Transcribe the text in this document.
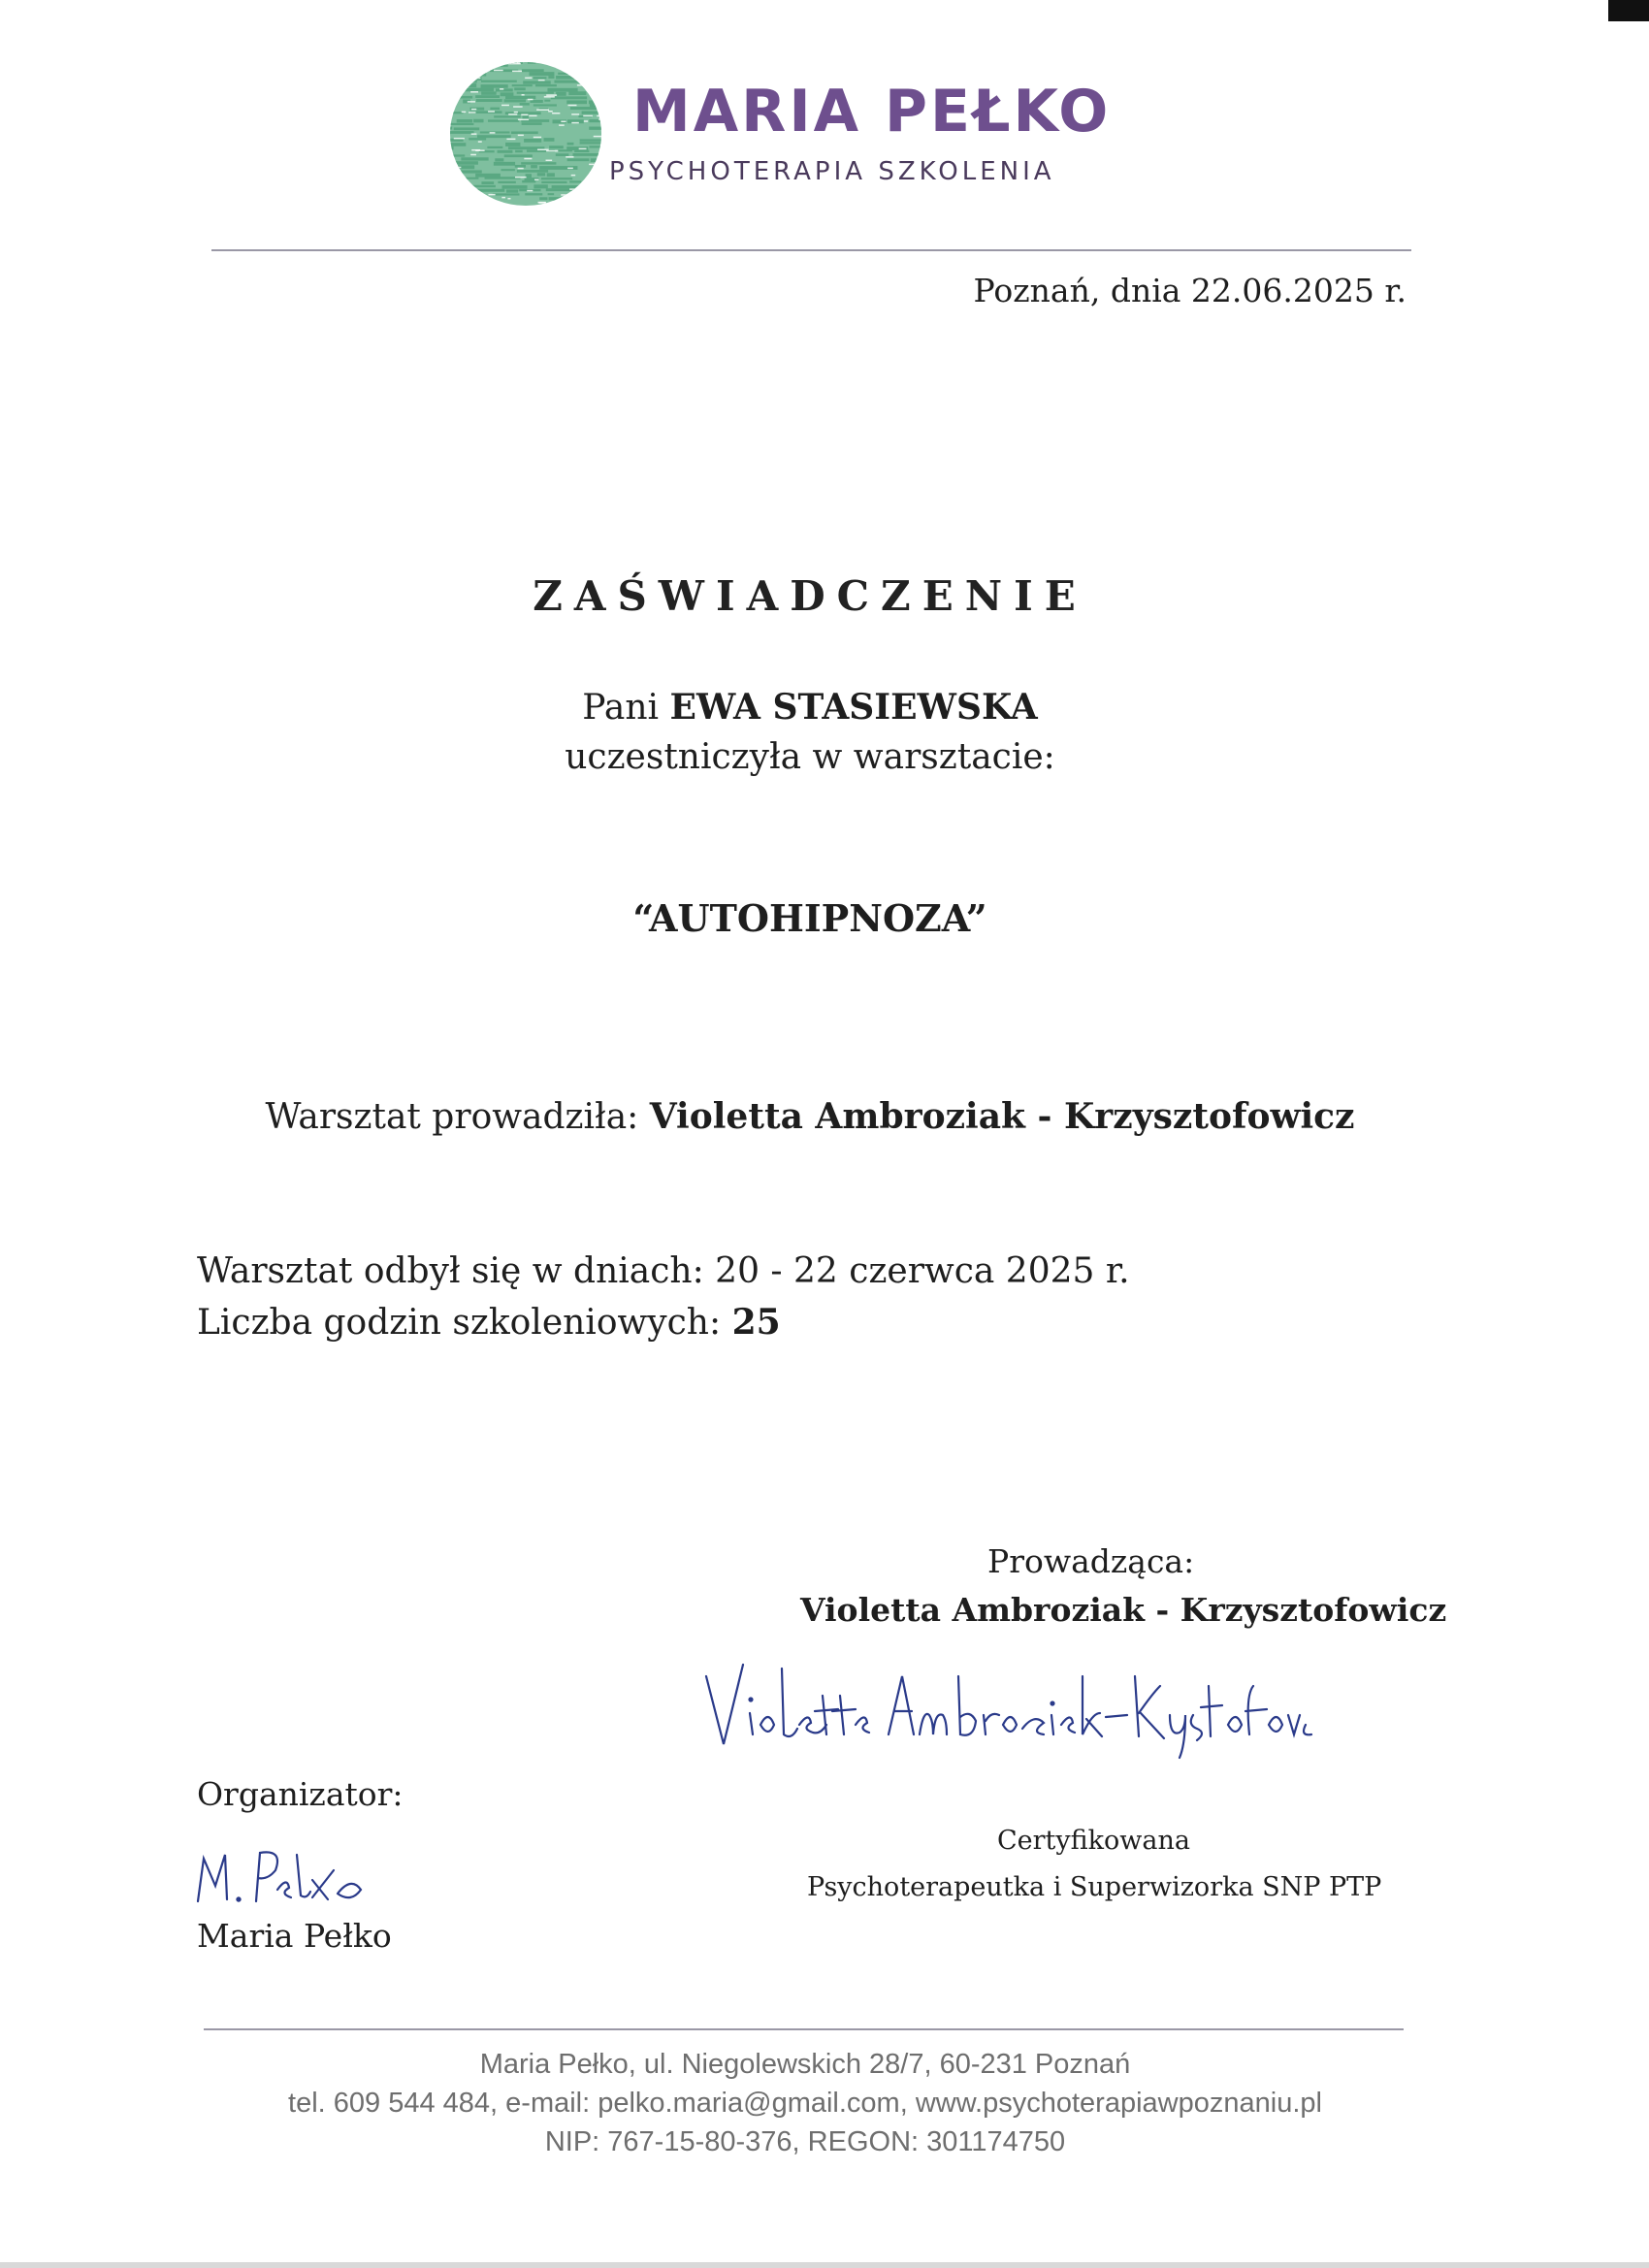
MARIA PEŁKO
PSYCHOTERAPIA SZKOLENIA
Poznań, dnia 22.06.2025 r.
ZAŚWIADCZENIE
Pani EWA STASIEWSKA
uczestniczyła w warsztacie:
“AUTOHIPNOZA”
Warsztat prowadziła: Violetta Ambroziak - Krzysztofowicz
Warsztat odbył się w dniach: 20 - 22 czerwca 2025 r.
Liczba godzin szkoleniowych: 25
Prowadząca:
Violetta Ambroziak - Krzysztofowicz
Organizator:
Maria Pełko
Certyfikowana
Psychoterapeutka i Superwizorka SNP PTP
Maria Pełko, ul. Niegolewskich 28/7, 60-231 Poznań
tel. 609 544 484, e-mail: pelko.maria@gmail.com, www.psychoterapiawpoznaniu.pl
NIP: 767-15-80-376, REGON: 301174750
